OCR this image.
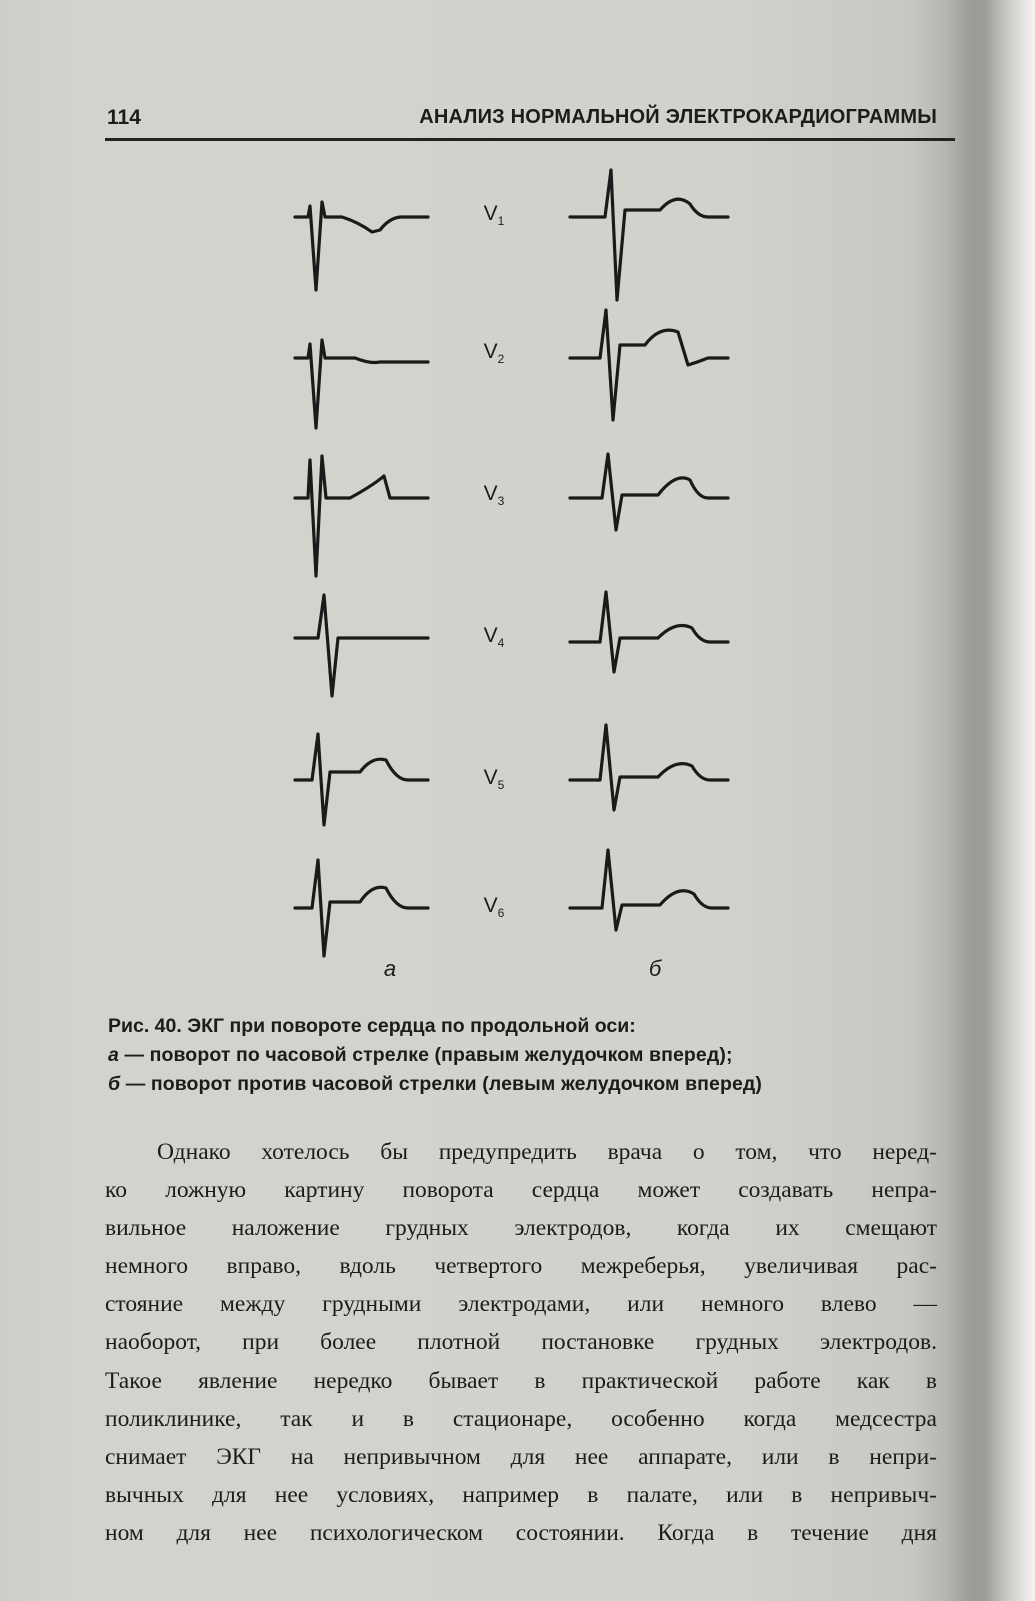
114	АНАЛИЗ НОРМАЛЬНОЙ ЭЛЕКТРОКАРДИОГРАММЫ
$V_1$
$V_2$
$V_3$
$V_4$
$V_5$
$V_6$
а	б
Рис. 40. ЭКГ при повороте сердца по продольной оси:
а — поворот по часовой стрелке (правым желудочком вперед);
б — поворот против часовой стрелки (левым желудочком вперед)
Однако хотелось бы предупредить врача о том, что неред-
ко ложную картину поворота сердца может создавать непра-
вильное наложение грудных электродов, когда их смещают
немного вправо, вдоль четвертого межреберья, увеличивая рас-
стояние между грудными электродами, или немного влево —
наоборот, при более плотной постановке грудных электродов.
Такое явление нередко бывает в практической работе как в
поликлинике, так и в стационаре, особенно когда медсестра
снимает ЭКГ на непривычном для нее аппарате, или в непри-
вычных для нее условиях, например в палате, или в непривыч-
ном для нее психологическом состоянии. Когда в течение дня
